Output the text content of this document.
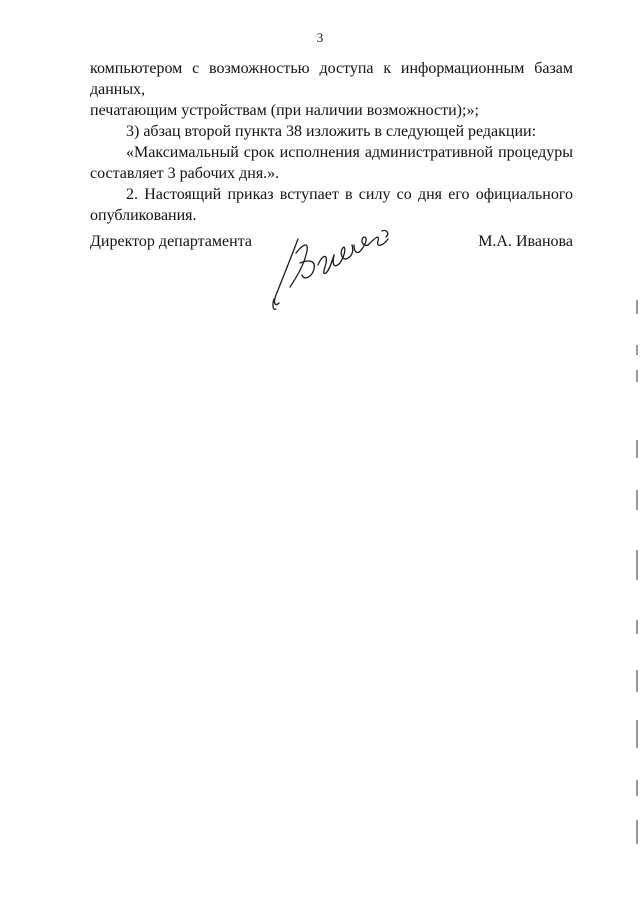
3

компьютером с возможностью доступа к информационным базам данных,

печатающим устройствам (при наличии возможности);»;

3) абзац второй пункта 38 изложить в следующей редакции:

«Максимальный срок исполнения административной процедуры составляет 3 рабочих дня.».

2. Настоящий приказ вступает в силу со дня его официального опубликования.

Директор департамента	М.А. Иванова
